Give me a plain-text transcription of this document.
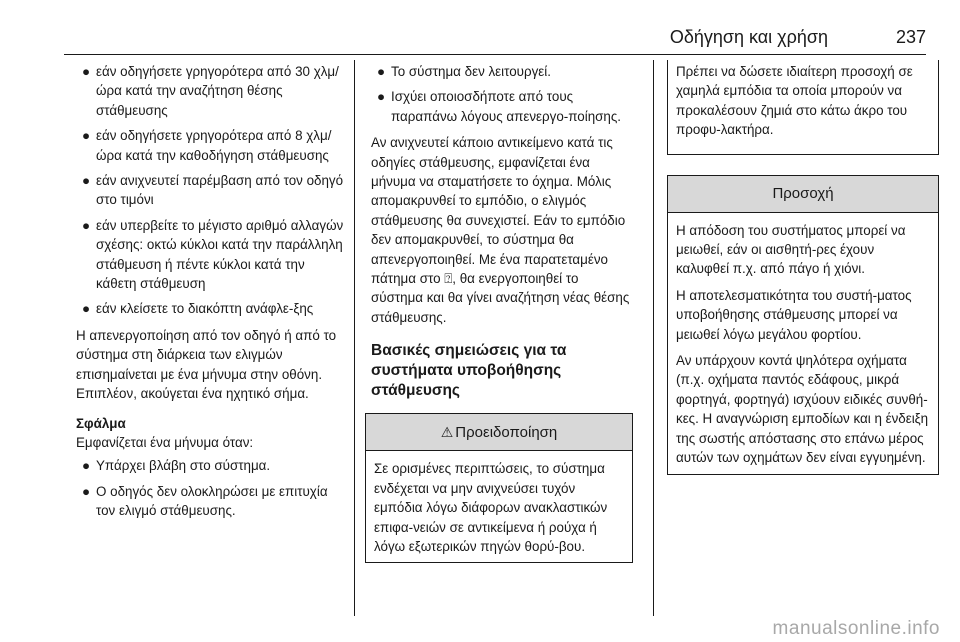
Οδήγηση και χρήση	237
● εάν οδηγήσετε γρηγορότερα από 30 χλμ/ώρα κατά την αναζήτηση θέσης στάθμευσης
● εάν οδηγήσετε γρηγορότερα από 8 χλμ/ώρα κατά την καθοδήγηση στάθμευσης
● εάν ανιχνευτεί παρέμβαση από τον οδηγό στο τιμόνι
● εάν υπερβείτε το μέγιστο αριθμό αλλαγών σχέσης: οκτώ κύκλοι κατά την παράλληλη στάθμευση ή πέντε κύκλοι κατά την κάθετη στάθμευση
● εάν κλείσετε το διακόπτη ανάφλε-ξης

Η απενεργοποίηση από τον οδηγό ή από το σύστημα στη διάρκεια των ελιγμών επισημαίνεται με ένα μήνυμα στην οθόνη. Επιπλέον, ακούγεται ένα ηχητικό σήμα.

Σφάλμα

Εμφανίζεται ένα μήνυμα όταν:

● Υπάρχει βλάβη στο σύστημα.
● Ο οδηγός δεν ολοκληρώσει με επιτυχία τον ελιγμό στάθμευσης.
● Το σύστημα δεν λειτουργεί.
● Ισχύει οποιοσδήποτε από τους παραπάνω λόγους απενεργο-ποίησης.

Αν ανιχνευτεί κάποιο αντικείμενο κατά τις οδηγίες στάθμευσης, εμφανίζεται ένα μήνυμα να σταματήσετε το όχημα. Μόλις απομακρυνθεί το εμπόδιο, ο ελιγμός στάθμευσης θα συνεχιστεί. Εάν το εμπόδιο δεν απομακρυνθεί, το σύστημα θα απενεργοποιηθεί. Με ένα παρατεταμένο πάτημα στο ⍰, θα ενεργοποιηθεί το σύστημα και θα γίνει αναζήτηση νέας θέσης στάθμευσης.

Βασικές σημειώσεις για τα συστήματα υποβοήθησης στάθμευσης

⚠ Προειδοποίηση
Σε ορισμένες περιπτώσεις, το σύστημα ενδέχεται να μην ανιχνεύσει τυχόν εμπόδια λόγω διάφορων ανακλαστικών επιφα-νειών σε αντικείμενα ή ρούχα ή λόγω εξωτερικών πηγών θορύ-βου.
Πρέπει να δώσετε ιδιαίτερη προσοχή σε χαμηλά εμπόδια τα οποία μπορούν να προκαλέσουν ζημιά στο κάτω άκρο του προφυ-λακτήρα.
Προσοχή

Η απόδοση του συστήματος μπορεί να μειωθεί, εάν οι αισθητή-ρες έχουν καλυφθεί π.χ. από πάγο ή χιόνι.

Η αποτελεσματικότητα του συστή-ματος υποβοήθησης στάθμευσης μπορεί να μειωθεί λόγω μεγάλου φορτίου.

Αν υπάρχουν κοντά ψηλότερα οχήματα (π.χ. οχήματα παντός εδάφους, μικρά φορτηγά, φορτηγά) ισχύουν ειδικές συνθή-κες. Η αναγνώριση εμποδίων και η ένδειξη της σωστής απόστασης στο επάνω μέρος αυτών των οχημάτων δεν είναι εγγυημένη.

manualsonline.info
